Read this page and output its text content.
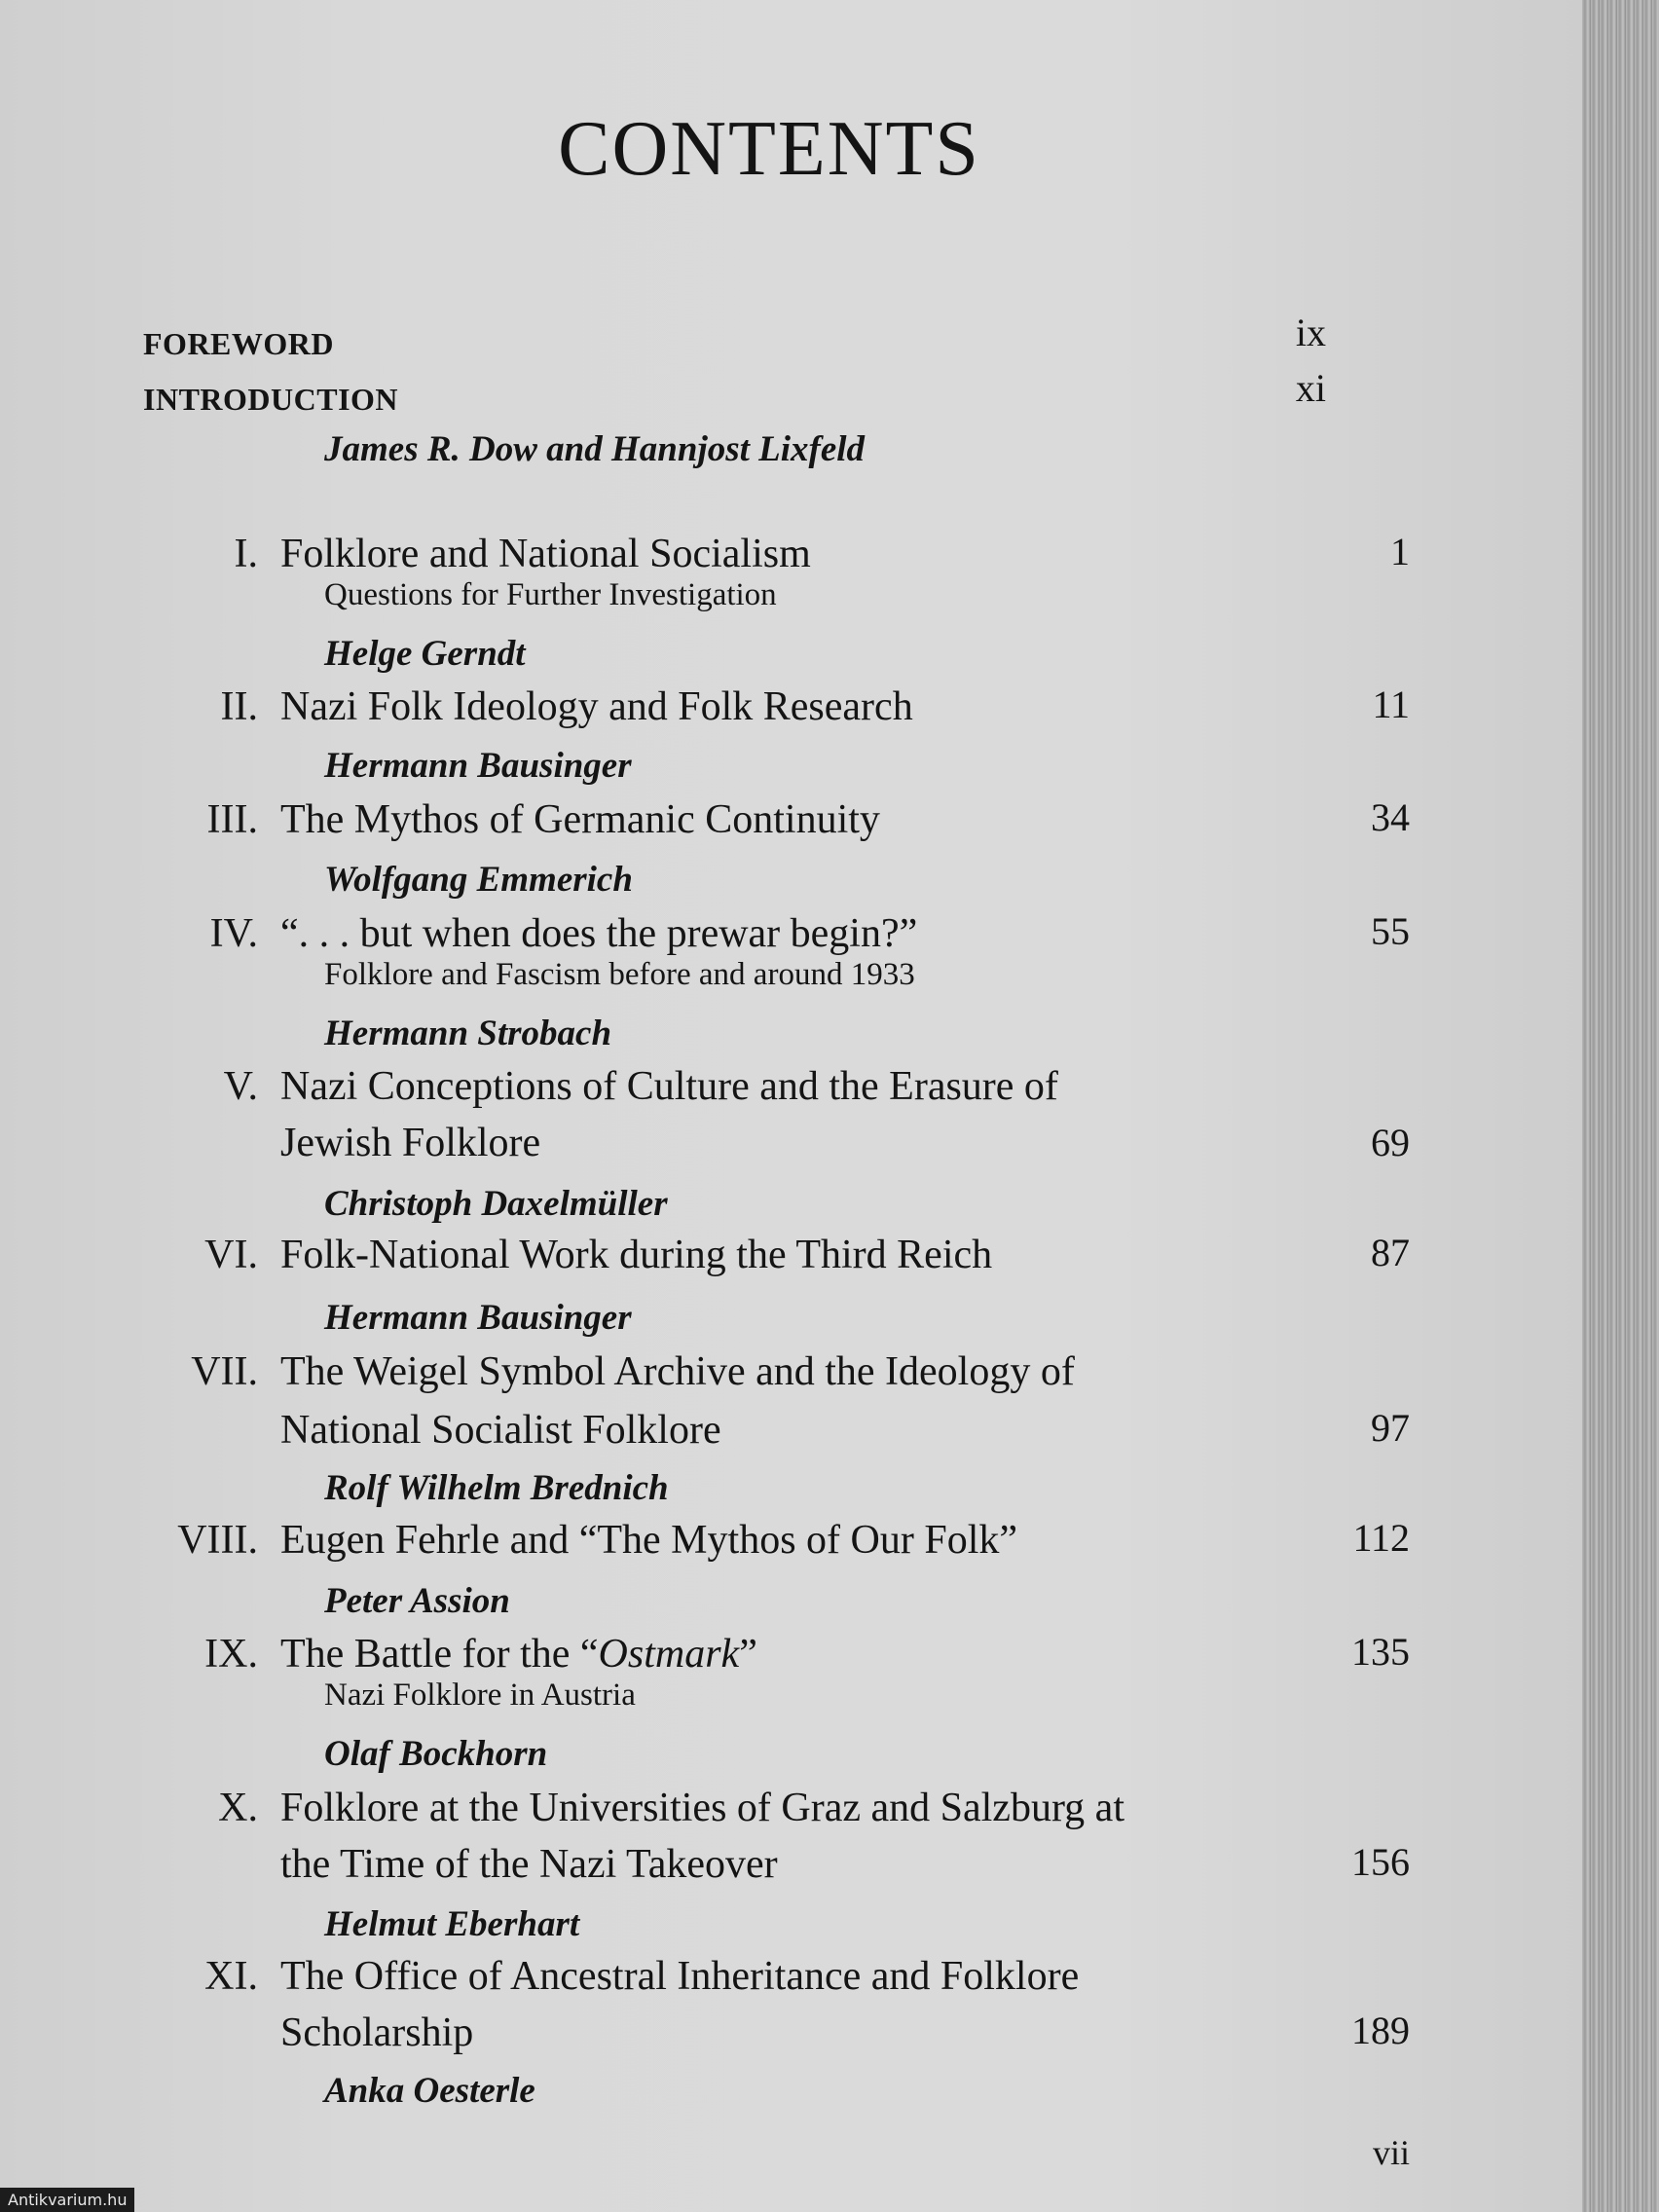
CONTENTS
FOREWORD	ix
INTRODUCTION	xi
James R. Dow and Hannjost Lixfeld
I. Folklore and National Socialism
Questions for Further Investigation
Helge Gerndt
1
II. Nazi Folk Ideology and Folk Research
Hermann Bausinger
11
III. The Mythos of Germanic Continuity
Wolfgang Emmerich
34
IV. “. . . but when does the prewar begin?”
Folklore and Fascism before and around 1933
Hermann Strobach
55
V. Nazi Conceptions of Culture and the Erasure of
Jewish Folklore
Christoph Daxelmüller
69
VI. Folk-National Work during the Third Reich
Hermann Bausinger
87
VII. The Weigel Symbol Archive and the Ideology of
National Socialist Folklore
Rolf Wilhelm Brednich
97
VIII. Eugen Fehrle and “The Mythos of Our Folk”
Peter Assion
112
IX. The Battle for the “Ostmark”
Nazi Folklore in Austria
Olaf Bockhorn
135
X. Folklore at the Universities of Graz and Salzburg at
the Time of the Nazi Takeover
Helmut Eberhart
156
XI. The Office of Ancestral Inheritance and Folklore
Scholarship
Anka Oesterle
189
vii
Antikvarium.hu
